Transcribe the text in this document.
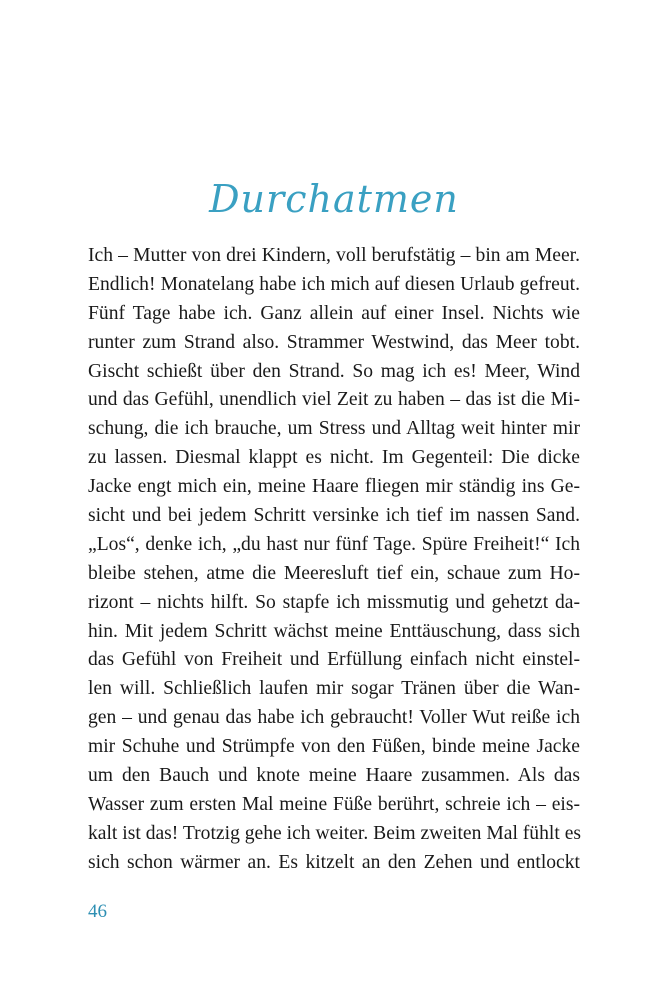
Durchatmen
Ich – Mutter von drei Kindern, voll berufstätig – bin am Meer.
Endlich! Monatelang habe ich mich auf diesen Urlaub gefreut.
Fünf Tage habe ich. Ganz allein auf einer Insel. Nichts wie
runter zum Strand also. Strammer Westwind, das Meer tobt.
Gischt schießt über den Strand. So mag ich es! Meer, Wind
und das Gefühl, unendlich viel Zeit zu haben – das ist die Mi-
schung, die ich brauche, um Stress und Alltag weit hinter mir
zu lassen. Diesmal klappt es nicht. Im Gegenteil: Die dicke
Jacke engt mich ein, meine Haare fliegen mir ständig ins Ge-
sicht und bei jedem Schritt versinke ich tief im nassen Sand.
„Los“, denke ich, „du hast nur fünf Tage. Spüre Freiheit!“ Ich
bleibe stehen, atme die Meeresluft tief ein, schaue zum Ho-
rizont – nichts hilft. So stapfe ich missmutig und gehetzt da-
hin. Mit jedem Schritt wächst meine Enttäuschung, dass sich
das Gefühl von Freiheit und Erfüllung einfach nicht einstel-
len will. Schließlich laufen mir sogar Tränen über die Wan-
gen – und genau das habe ich gebraucht! Voller Wut reiße ich
mir Schuhe und Strümpfe von den Füßen, binde meine Jacke
um den Bauch und knote meine Haare zusammen. Als das
Wasser zum ersten Mal meine Füße berührt, schreie ich – eis-
kalt ist das! Trotzig gehe ich weiter. Beim zweiten Mal fühlt es
sich schon wärmer an. Es kitzelt an den Zehen und entlockt

46
